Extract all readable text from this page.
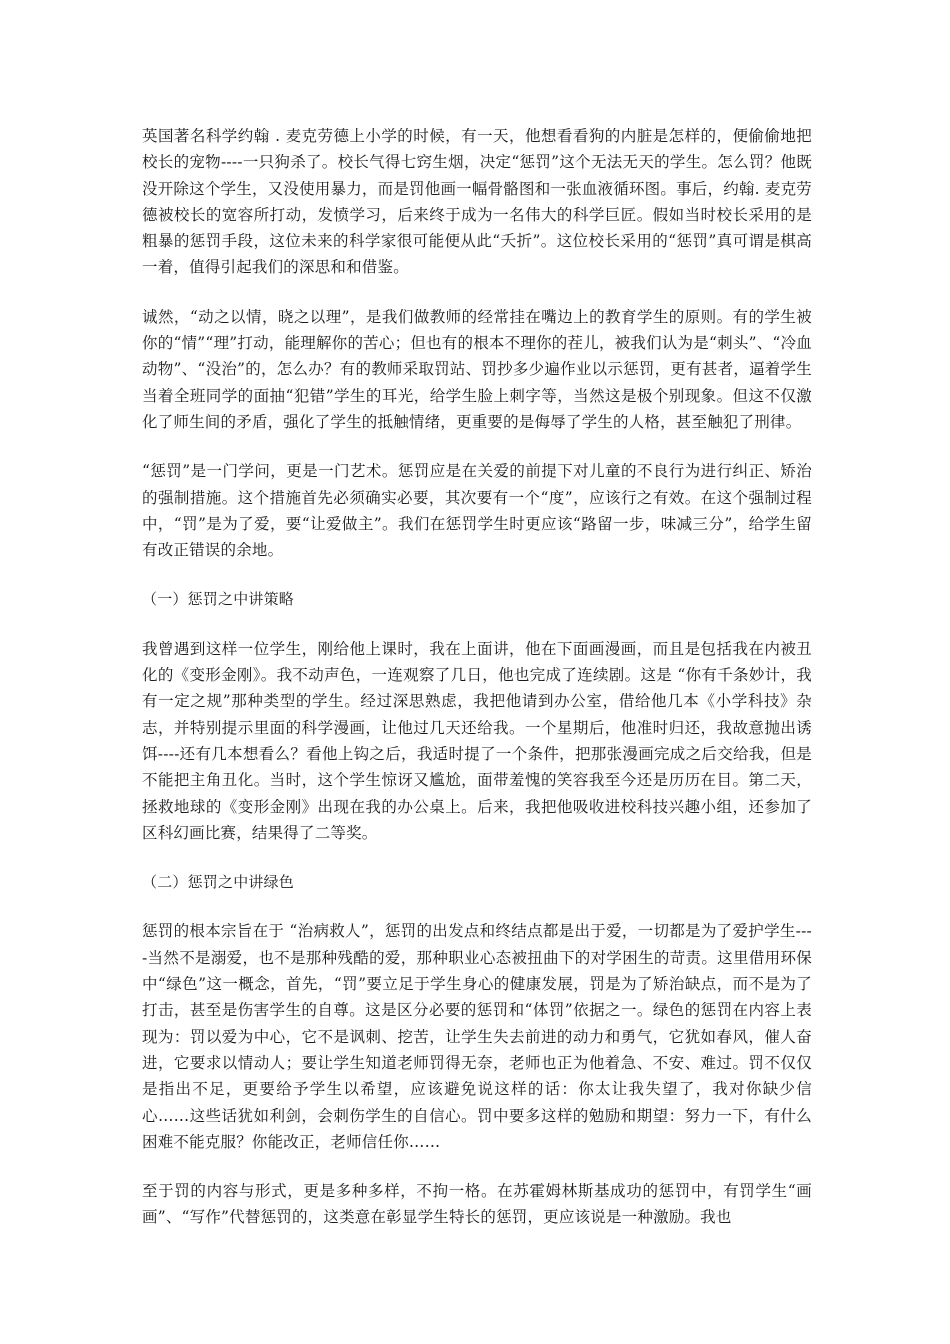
英国著名科学约翰 . 麦克劳德上小学的时候，有一天，他想看看狗的内脏是怎样的，便偷偷地把校长的宠物----一只狗杀了。校长气得七窍生烟，决定“惩罚”这个无法无天的学生。怎么罚？他既没开除这个学生，又没使用暴力，而是罚他画一幅骨骼图和一张血液循环图。事后，约翰. 麦克劳德被校长的宽容所打动，发愤学习，后来终于成为一名伟大的科学巨匠。假如当时校长采用的是粗暴的惩罚手段，这位未来的科学家很可能便从此“夭折”。这位校长采用的“惩罚”真可谓是棋高一着，值得引起我们的深思和和借鉴。

诚然，“动之以情，晓之以理”，是我们做教师的经常挂在嘴边上的教育学生的原则。有的学生被你的“情”“理”打动，能理解你的苦心；但也有的根本不理你的茬儿，被我们认为是“刺头”、“冷血动物”、“没治”的，怎么办？有的教师采取罚站、罚抄多少遍作业以示惩罚，更有甚者，逼着学生当着全班同学的面抽“犯错”学生的耳光，给学生脸上刺字等，当然这是极个别现象。但这不仅激化了师生间的矛盾，强化了学生的抵触情绪，更重要的是侮辱了学生的人格，甚至触犯了刑律。

“惩罚”是一门学问，更是一门艺术。惩罚应是在关爱的前提下对儿童的不良行为进行纠正、矫治的强制措施。这个措施首先必须确实必要，其次要有一个“度”，应该行之有效。在这个强制过程中，“罚”是为了爱，要“让爱做主”。我们在惩罚学生时更应该“路留一步，味减三分”，给学生留有改正错误的余地。

（一）惩罚之中讲策略

我曾遇到这样一位学生，刚给他上课时，我在上面讲，他在下面画漫画，而且是包括我在内被丑化的《变形金刚》。我不动声色，一连观察了几日，他也完成了连续剧。这是 “你有千条妙计，我有一定之规”那种类型的学生。经过深思熟虑，我把他请到办公室，借给他几本《小学科技》杂志，并特别提示里面的科学漫画，让他过几天还给我。一个星期后，他准时归还，我故意抛出诱饵----还有几本想看么？看他上钩之后，我适时提了一个条件，把那张漫画完成之后交给我，但是不能把主角丑化。当时，这个学生惊讶又尴尬，面带羞愧的笑容我至今还是历历在目。第二天，拯救地球的《变形金刚》出现在我的办公桌上。后来，我把他吸收进校科技兴趣小组，还参加了区科幻画比赛，结果得了二等奖。

（二）惩罚之中讲绿色

惩罚的根本宗旨在于 “治病救人”，惩罚的出发点和终结点都是出于爱，一切都是为了爱护学生----当然不是溺爱，也不是那种残酷的爱，那种职业心态被扭曲下的对学困生的苛责。这里借用环保中“绿色”这一概念，首先，“罚”要立足于学生身心的健康发展，罚是为了矫治缺点，而不是为了打击，甚至是伤害学生的自尊。这是区分必要的惩罚和“体罚”依据之一。绿色的惩罚在内容上表现为：罚以爱为中心，它不是讽刺、挖苦，让学生失去前进的动力和勇气，它犹如春风，催人奋进，它要求以情动人；要让学生知道老师罚得无奈，老师也正为他着急、不安、难过。罚不仅仅是指出不足，更要给予学生以希望，应该避免说这样的话：你太让我失望了，我对你缺少信心……这些话犹如利剑，会刺伤学生的自信心。罚中要多这样的勉励和期望：努力一下，有什么困难不能克服？你能改正，老师信任你……

至于罚的内容与形式，更是多种多样，不拘一格。在苏霍姆林斯基成功的惩罚中，有罚学生“画画”、“写作”代替惩罚的，这类意在彰显学生特长的惩罚，更应该说是一种激励。我也
